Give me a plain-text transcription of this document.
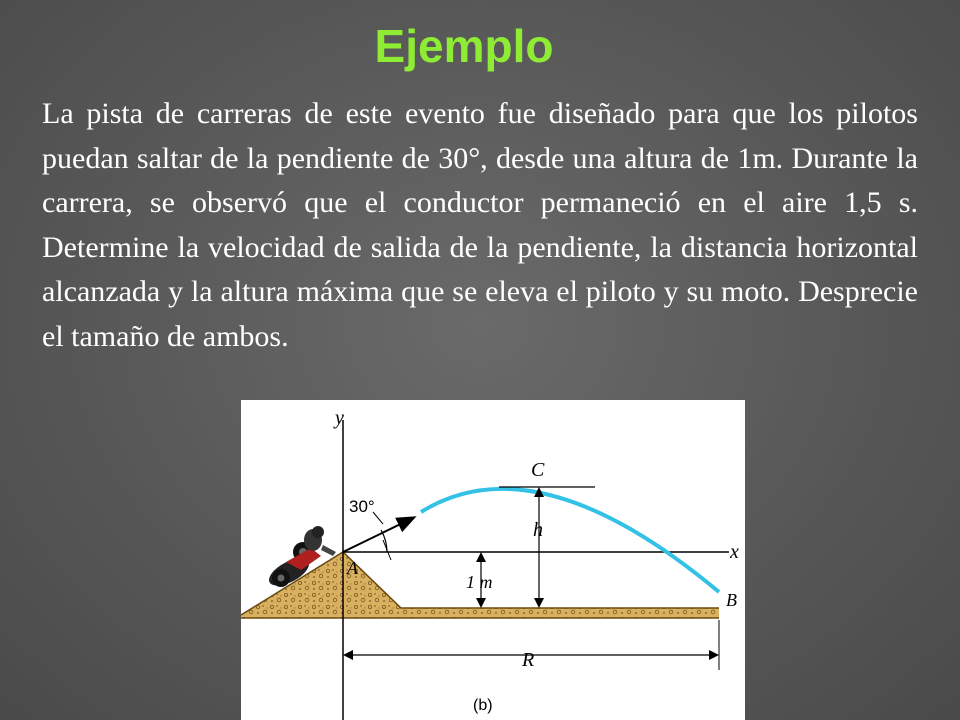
Ejemplo
La pista de carreras de este evento fue diseñado para que los pilotos puedan saltar de la pendiente de 30°, desde una altura de 1m. Durante la carrera, se observó que el conductor permaneció en el aire 1,5 s. Determine la velocidad de salida de la pendiente, la distancia horizontal alcanzada y la altura máxima que se eleva el piloto y su moto. Desprecie el tamaño de ambos.
y
x
30°
A
B
C
h
1 m
R
(b)
